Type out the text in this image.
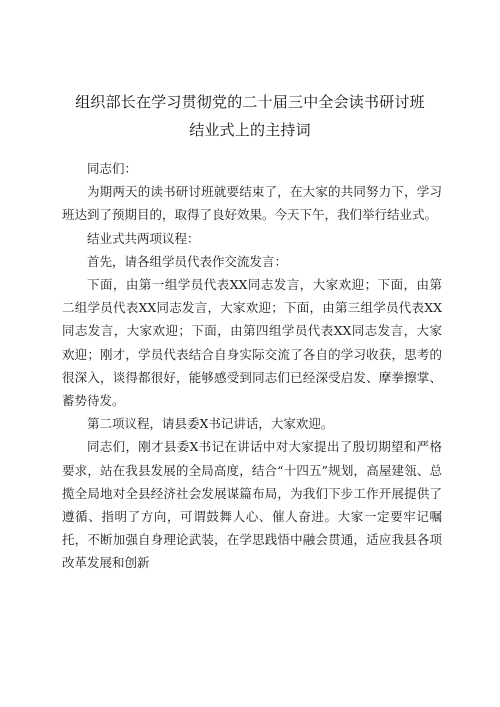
组织部长在学习贯彻党的二十届三中全会读书研讨班
结业式上的主持词

同志们：

为期两天的读书研讨班就要结束了，在大家的共同努力下，学习班达到了预期目的，取得了良好效果。今天下午，我们举行结业式。

结业式共两项议程：

首先，请各组学员代表作交流发言：

下面，由第一组学员代表XX同志发言，大家欢迎；下面，由第二组学员代表XX同志发言，大家欢迎；下面，由第三组学员代表XX同志发言，大家欢迎；下面，由第四组学员代表XX同志发言，大家欢迎；刚才，学员代表结合自身实际交流了各自的学习收获，思考的很深入，谈得都很好，能够感受到同志们已经深受启发、摩拳擦掌、蓄势待发。

第二项议程，请县委X书记讲话，大家欢迎。

同志们，刚才县委X书记在讲话中对大家提出了殷切期望和严格要求，站在我县发展的全局高度，结合“十四五”规划，高屋建瓴、总揽全局地对全县经济社会发展谋篇布局，为我们下步工作开展提供了遵循、指明了方向，可谓鼓舞人心、催人奋进。大家一定要牢记嘱托，不断加强自身理论武装，在学思践悟中融会贯通，适应我县各项改革发展和创新
